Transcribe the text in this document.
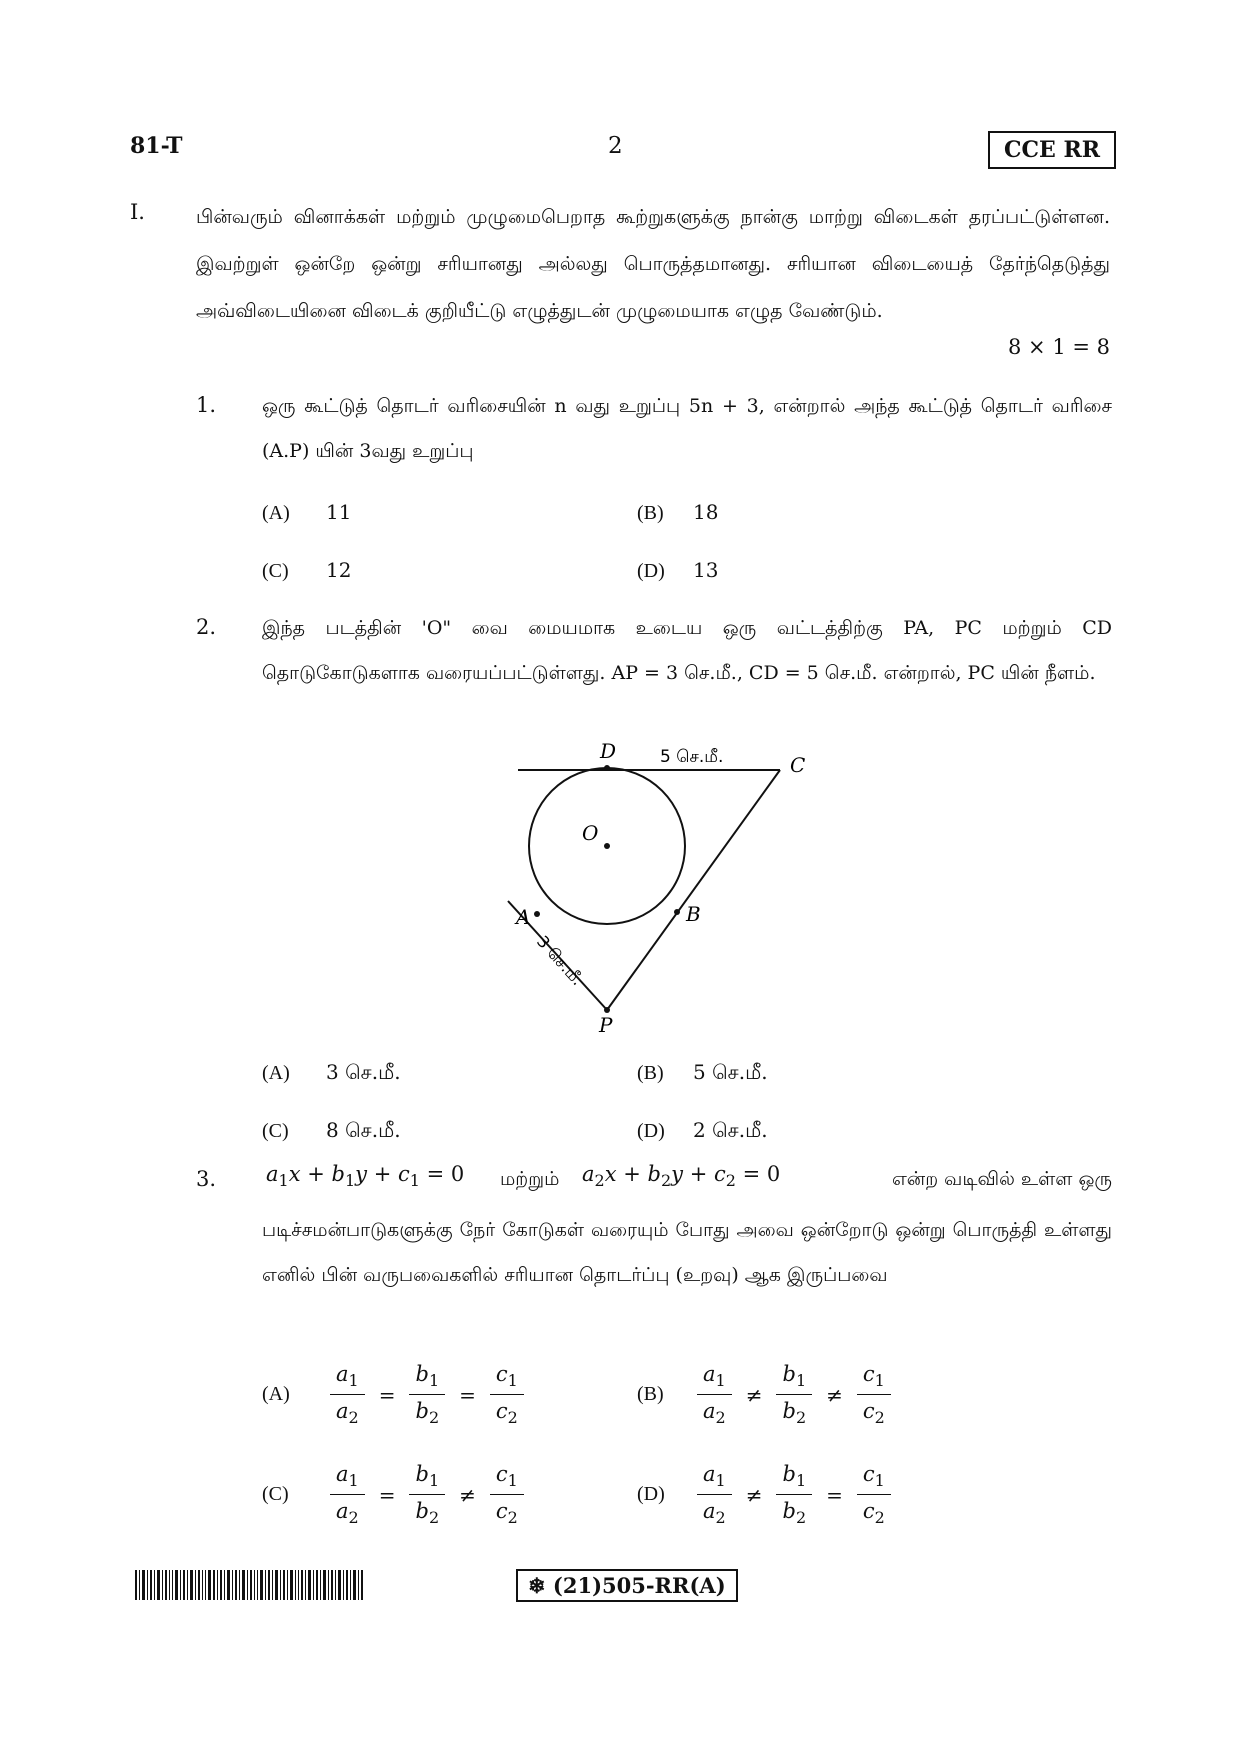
81-T	2	CCE RR
I.	பின்வரும் வினாக்கள் மற்றும் முழுமைபெறாத கூற்றுகளுக்கு நான்கு மாற்று விடைகள் தரப்பட்டுள்ளன. இவற்றுள் ஒன்றே ஒன்று சரியானது அல்லது பொருத்தமானது. சரியான விடையைத் தேர்ந்தெடுத்து அவ்விடையினை விடைக் குறியீட்டு எழுத்துடன் முழுமையாக எழுத வேண்டும்.

8 × 1 = 8
1. ஒரு கூட்டுத் தொடர் வரிசையின் n வது உறுப்பு 5n + 3, என்றால் அந்த கூட்டுத் தொடர் வரிசை (A.P) யின் 3வது உறுப்பு

(A) 11	(B) 18
(C) 12	(D) 13
2. இந்த படத்தின் 'O" வை மையமாக உடைய ஒரு வட்டத்திற்கு PA, PC மற்றும் CD தொடுகோடுகளாக வரையப்பட்டுள்ளது. AP = 3 செ.மீ., CD = 5 செ.மீ. என்றால், PC யின் நீளம்.

D	5 செ.மீ.	C
O
A	B
P
3 செ.மீ.
(A) 3 செ.மீ.	(B) 5 செ.மீ.
(C) 8 செ.மீ.	(D) 2 செ.மீ.
3. $a_1x + b_1y + c_1 = 0$ மற்றும் $a_2x + b_2y + c_2 = 0$	என்ற வடிவில் உள்ள ஒரு

படிச்சமன்பாடுகளுக்கு நேர் கோடுகள் வரையும் போது அவை ஒன்றோடு ஒன்று பொருத்தி உள்ளது எனில் பின் வருபவைகளில் சரியான தொடர்ப்பு (உறவு) ஆக இருப்பவை

(A)	$\frac{a_1}{a_2} = \frac{b_1}{b_2} = \frac{c_1}{c_2}$	(B)	$\frac{a_1}{a_2} \ne \frac{b_1}{b_2} \ne \frac{c_1}{c_2}$
(C)	$\frac{a_1}{a_2} = \frac{b_1}{b_2} \ne \frac{c_1}{c_2}$	(D)	$\frac{a_1}{a_2} \ne \frac{b_1}{b_2} = \frac{c_1}{c_2}$
❄ (21)505-RR(A)
